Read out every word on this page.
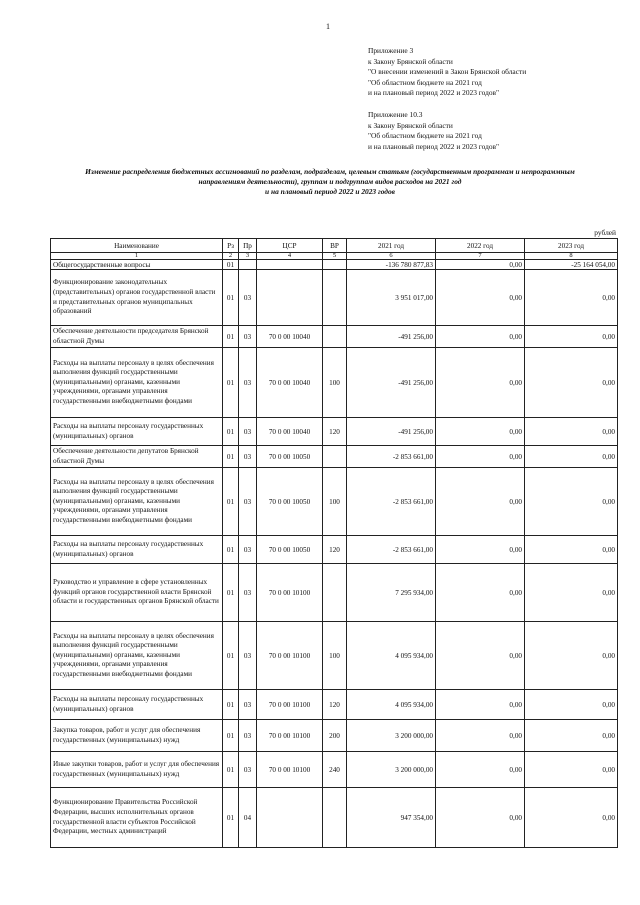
1
Приложение 3
к Закону Брянской области
"О внесении изменений в Закон Брянской области
"Об областном бюджете на 2021 год
и на плановый период 2022 и 2023 годов"
Приложение 10.3
к Закону Брянской области
"Об областном бюджете на 2021 год
и на плановый период 2022 и 2023 годов"
Изменение распределения бюджетных ассигнований по разделам, подразделам, целевым статьям (государственным программам и непрограммным
направлениям деятельности), группам и подгруппам видов расходов на 2021 год
и на плановый период 2022 и 2023 годов
рублей
Наименование	Рз	Пр	ЦСР	ВР	2021 год	2022 год	2023 год
1	2	3	4	5	6	7	8
Общегосударственные вопросы	01				-136 780 877,83	0,00	-25 164 054,00
Функционирование законодательных (представительных) органов государственной власти и представительных органов муниципальных образований	01	03			3 951 017,00	0,00	0,00
Обеспечение деятельности председателя Брянской областной Думы	01	03	70 0 00 10040		-491 256,00	0,00	0,00
Расходы на выплаты персоналу в целях обеспечения выполнения функций государственными (муниципальными) органами, казенными учреждениями, органами управления государственными внебюджетными фондами	01	03	70 0 00 10040	100	-491 256,00	0,00	0,00
Расходы на выплаты персоналу государственных (муниципальных) органов	01	03	70 0 00 10040	120	-491 256,00	0,00	0,00
Обеспечение деятельности депутатов Брянской областной Думы	01	03	70 0 00 10050		-2 853 661,00	0,00	0,00
Расходы на выплаты персоналу в целях обеспечения выполнения функций государственными (муниципальными) органами, казенными учреждениями, органами управления государственными внебюджетными фондами	01	03	70 0 00 10050	100	-2 853 661,00	0,00	0,00
Расходы на выплаты персоналу государственных (муниципальных) органов	01	03	70 0 00 10050	120	-2 853 661,00	0,00	0,00
Руководство и управление в сфере установленных функций органов государственной власти Брянской области и государственных органов Брянской области	01	03	70 0 00 10100		7 295 934,00	0,00	0,00
Расходы на выплаты персоналу в целях обеспечения выполнения функций государственными (муниципальными) органами, казенными учреждениями, органами управления государственными внебюджетными фондами	01	03	70 0 00 10100	100	4 095 934,00	0,00	0,00
Расходы на выплаты персоналу государственных (муниципальных) органов	01	03	70 0 00 10100	120	4 095 934,00	0,00	0,00
Закупка товаров, работ и услуг для обеспечения государственных (муниципальных) нужд	01	03	70 0 00 10100	200	3 200 000,00	0,00	0,00
Иные закупки товаров, работ и услуг для обеспечения государственных (муниципальных) нужд	01	03	70 0 00 10100	240	3 200 000,00	0,00	0,00
Функционирование Правительства Российской Федерации, высших исполнительных органов государственной власти субъектов Российской Федерации, местных администраций	01	04			947 354,00	0,00	0,00
